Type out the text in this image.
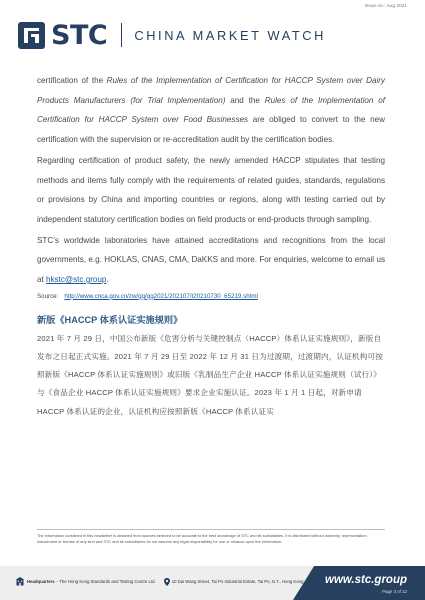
Issue no.: Aug 2021
STC CHINA MARKET WATCH

certification of the Rules of the Implementation of Certification for HACCP System over Dairy Products Manufacturers (for Trial Implementation) and the Rules of the Implementation of Certification for HACCP System over Food Businesses are obliged to convert to the new certification with the supervision or re-accreditation audit by the certification bodies.

Regarding certification of product safety, the newly amended HACCP stipulates that testing methods and items fully comply with the requirements of related guides, standards, regulations or provisions by China and importing countries or regions, along with testing carried out by independent statutory certification bodies on field products or end-products through sampling.

STC’s worldwide laboratories have attained accreditations and recognitions from the local governments, e.g. HOKLAS, CNAS, CMA, DaKKS and more. For enquiries, welcome to email us at hkstc@stc.group.

Source: http://www.cnca.gov.cn/zw/gg/gg2021/202107/t20210730_65219.shtml
新版《HACCP 体系认证实施规则》

2021 年 7 月 29 日，中国公布新版《危害分析与关键控制点（HACCP）体系认证实施规则》，新版自发布之日起正式实施。2021 年 7 月 29 日至 2022 年 12 月 31 日为过渡期，过渡期内，认证机构可按照新版《HACCP 体系认证实施规则》或旧版《乳制品生产企业 HACCP 体系认证实施规则（试行）》与《食品企业 HACCP 体系认证实施规则》要求企业实施认证。2023 年 1 月 1 日起，对新申请 HACCP 体系认证的企业，认证机构应按照新版《HACCP 体系认证实

The information contained in this newsletter is obtained from sources believed to be accurate to the best knowledge of STC and its subsidiaries. It is distributed without warranty, representation, inducement or license of any kind and STC and its subsidiaries do not assume any legal responsibility for use or reliance upon the information.
Headquarters - The Hong Kong Standards and Testing Centre Ltd.	10 Dai Wang Street, Tai Po Industrial Estate, Tai Po, N.T., Hong Kong www.stc.group
Page 3 of 12
